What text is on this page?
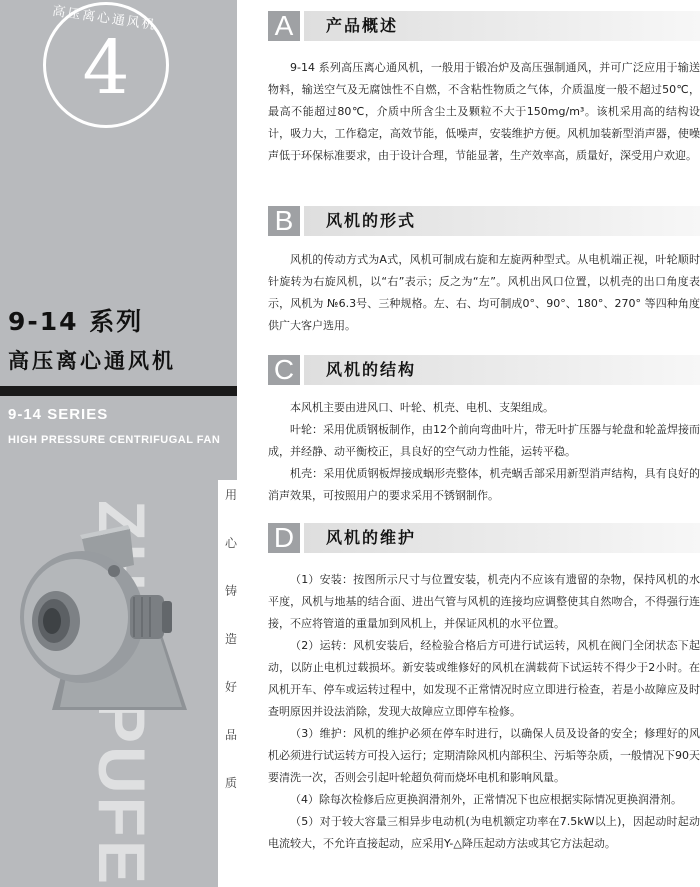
高压离心通风机
4
9-14 系列
高压离心通风机
9-14 SERIES
HIGH PRESSURE CENTRIFUGAL FAN
用
心
铸
造
好
品
质
A	产品概述

9-14 系列高压离心通风机，一般用于锻冶炉及高压强制通风，并可广泛应用于输送物料，输送空气及无腐蚀性不自燃，不含粘性物质之气体，介质温度一般不超过50℃，最高不能超过80℃，介质中所含尘土及颗粒不大于150mg/m³。该机采用高的结构设计，吸力大，工作稳定，高效节能，低噪声，安装维护方便。风机加装新型消声器，使噪声低于环保标准要求，由于设计合理，节能显著，生产效率高，质量好，深受用户欢迎。

B	风机的形式

风机的传动方式为A式，风机可制成右旋和左旋两种型式。从电机端正视，叶轮顺时针旋转为右旋风机，以“右”表示；反之为“左”。风机出风口位置，以机壳的出口角度表示，风机为 №6.3号、三种规格。左、右、均可制成0°、90°、180°、270° 等四种角度供广大客户选用。

C	风机的结构

本风机主要由进风口、叶轮、机壳、电机、支架组成。

叶轮：采用优质钢板制作，由12个前向弯曲叶片，带无叶扩压器与轮盘和轮盖焊接而成，并经静、动平衡校正，具良好的空气动力性能，运转平稳。

机壳：采用优质钢板焊接成蜗形壳整体，机壳蜗舌部采用新型消声结构，具有良好的消声效果，可按照用户的要求采用不锈钢制作。

D	风机的维护

（1）安装：按图所示尺寸与位置安装，机壳内不应该有遗留的杂物，保持风机的水平度，风机与地基的结合面、进出气管与风机的连接均应调整使其自然吻合，不得强行连接，不应将管道的重量加到风机上，并保证风机的水平位置。

（2）运转：风机安装后，经检验合格后方可进行试运转，风机在阀门全闭状态下起动，以防止电机过载损坏。新安装或维修好的风机在满载荷下试运转不得少于2小时。在风机开车、停车或运转过程中，如发现不正常情况时应立即进行检查，若是小故障应及时查明原因并设法消除，发现大故障应立即停车检修。

（3）维护：风机的维护必须在停车时进行，以确保人员及设备的安全；修理好的风机必须进行试运转方可投入运行；定期清除风机内部积尘、污垢等杂质，一般情况下90天要清洗一次，否则会引起叶轮超负荷而烧坏电机和影响风量。

（4）除每次检修后应更换润滑剂外，正常情况下也应根据实际情况更换润滑剂。

（5）对于较大容量三相异步电动机(为电机额定功率在7.5kW以上)，因起动时起动电流较大，不允许直接起动，应采用Y-△降压起动方法或其它方法起动。
